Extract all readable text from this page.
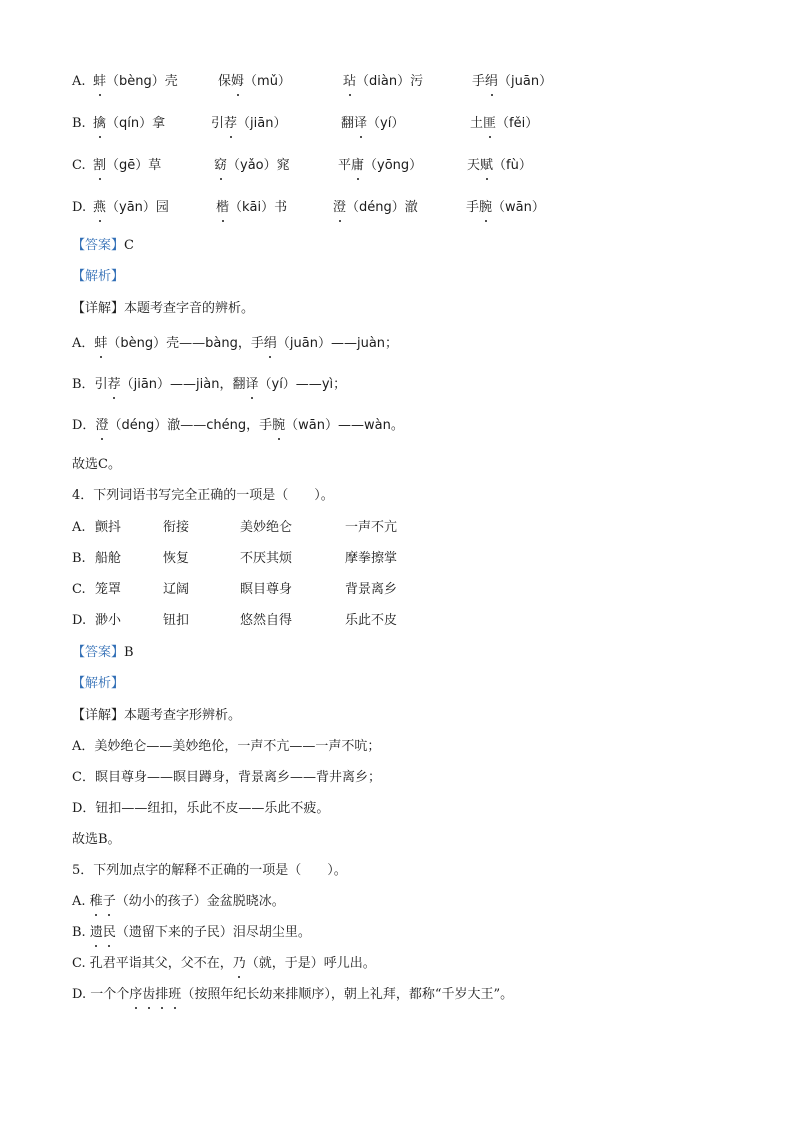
A. 蚌（bèng）壳	保姆（mǔ）	玷（diàn）污	手绢（juān）
B. 擒（qín）拿	引荐（jiān）	翻译（yí）	土匪（fěi）
C. 割（gē）草	窈（yǎo）窕	平庸（yōng）	天赋（fù）
D. 燕（yān）园	楷（kāi）书	澄（déng）澈	手腕（wān）
【答案】C
【解析】
【详解】本题考查字音的辨析。
A．蚌（bèng）壳——bàng，手绢（juān）——juàn；
B．引荐（jiān）——jiàn，翻译（yí）——yì；
D．澄（déng）澈——chéng，手腕（wān）——wàn。
故选C。
4．下列词语书写完全正确的一项是（　　）。
A. 颤抖	衔接	美妙绝仑	一声不亢
B. 船舱	恢复	不厌其烦	摩拳擦掌
C. 笼罩	辽阔	瞑目尊身	背景离乡
D. 渺小	钮扣	悠然自得	乐此不皮
【答案】B
【解析】
【详解】本题考查字形辨析。
A．美妙绝仑——美妙绝伦，一声不亢——一声不吭；
C．瞑目尊身——瞑目蹲身，背景离乡——背井离乡；
D．钮扣——纽扣，乐此不皮——乐此不疲。
故选B。
5．下列加点字的解释不正确的一项是（　　）。
A. 稚子（幼小的孩子）金盆脱晓冰。
B. 遗民（遗留下来的子民）泪尽胡尘里。
C. 孔君平诣其父，父不在，乃（就，于是）呼儿出。
D. 一个个序齿排班（按照年纪长幼来排顺序），朝上礼拜，都称“千岁大王”。
